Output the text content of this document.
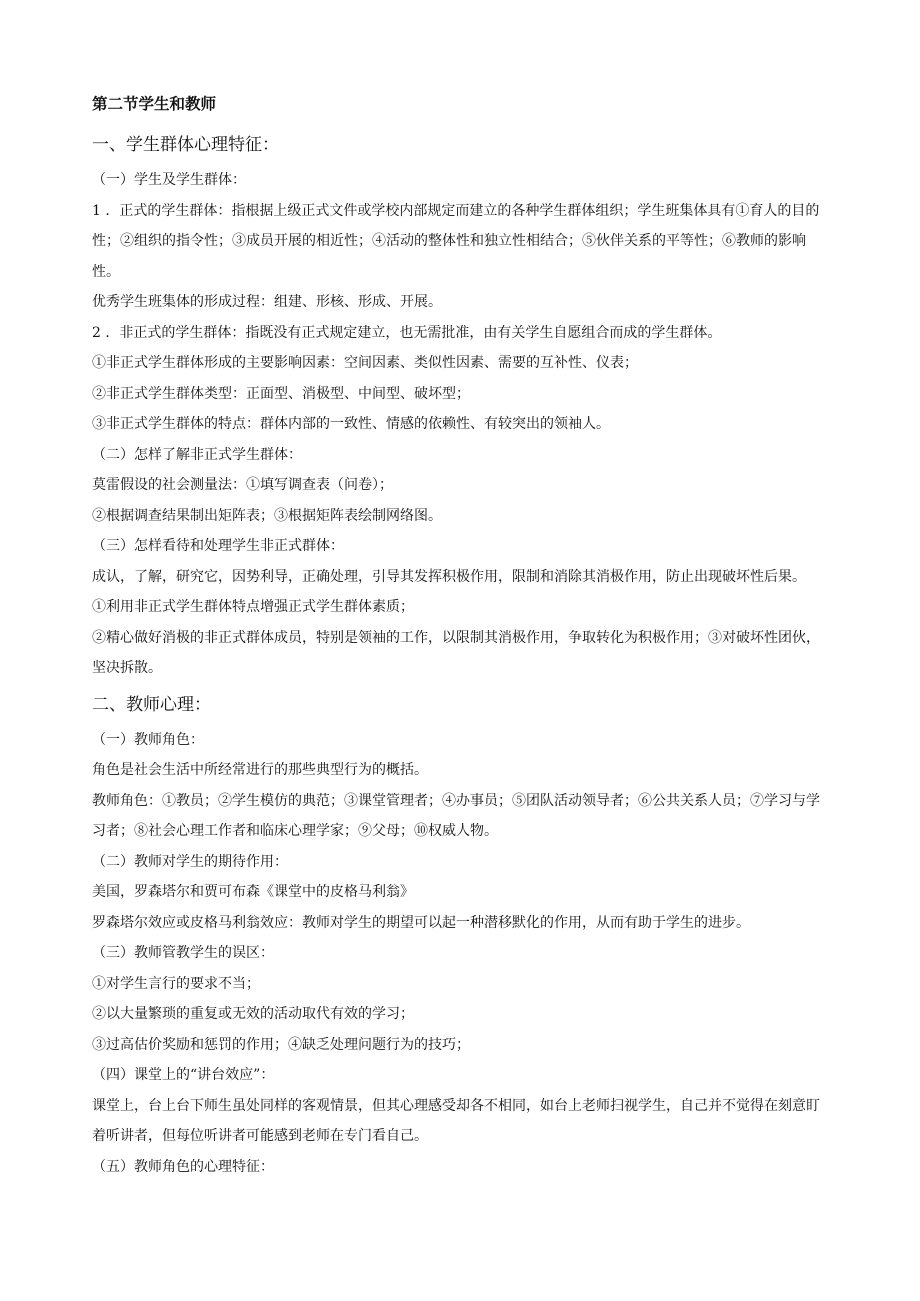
第二节学生和教师
一、学生群体心理特征：
（一）学生及学生群体：
1 ．正式的学生群体：指根据上级正式文件或学校内部规定而建立的各种学生群体组织；学生班集体具有①育人的目的性；②组织的指令性；③成员开展的相近性；④活动的整体性和独立性相结合；⑤伙伴关系的平等性；⑥教师的影响性。
优秀学生班集体的形成过程：组建、形核、形成、开展。
2 ．非正式的学生群体：指既没有正式规定建立，也无需批准，由有关学生自愿组合而成的学生群体。
①非正式学生群体形成的主要影响因素：空间因素、类似性因素、需要的互补性、仪表；
②非正式学生群体类型：正面型、消极型、中间型、破坏型；
③非正式学生群体的特点：群体内部的一致性、情感的依赖性、有较突出的领袖人。
（二）怎样了解非正式学生群体：
莫雷假设的社会测量法：①填写调查表（问卷）；
②根据调查结果制出矩阵表；③根据矩阵表绘制网络图。
（三）怎样看待和处理学生非正式群体：
成认，了解，研究它，因势利导，正确处理，引导其发挥积极作用，限制和消除其消极作用，防止出现破坏性后果。
①利用非正式学生群体特点增强正式学生群体素质；
②精心做好消极的非正式群体成员，特别是领袖的工作，以限制其消极作用，争取转化为积极作用；③对破坏性团伙，坚决拆散。
二、教师心理：
（一）教师角色：
角色是社会生活中所经常进行的那些典型行为的概括。
教师角色：①教员；②学生模仿的典范；③课堂管理者；④办事员；⑤团队活动领导者；⑥公共关系人员；⑦学习与学习者；⑧社会心理工作者和临床心理学家；⑨父母；⑩权威人物。
（二）教师对学生的期待作用：
美国，罗森塔尔和贾可布森《课堂中的皮格马利翁》
罗森塔尔效应或皮格马利翁效应：教师对学生的期望可以起一种潜移默化的作用，从而有助于学生的进步。
（三）教师管教学生的误区：
①对学生言行的要求不当；
②以大量繁琐的重复或无效的活动取代有效的学习；
③过高估价奖励和惩罚的作用；④缺乏处理问题行为的技巧；
（四）课堂上的“讲台效应”：
课堂上，台上台下师生虽处同样的客观情景，但其心理感受却各不相同，如台上老师扫视学生，自己并不觉得在刻意盯着听讲者，但每位听讲者可能感到老师在专门看自己。
（五）教师角色的心理特征：
